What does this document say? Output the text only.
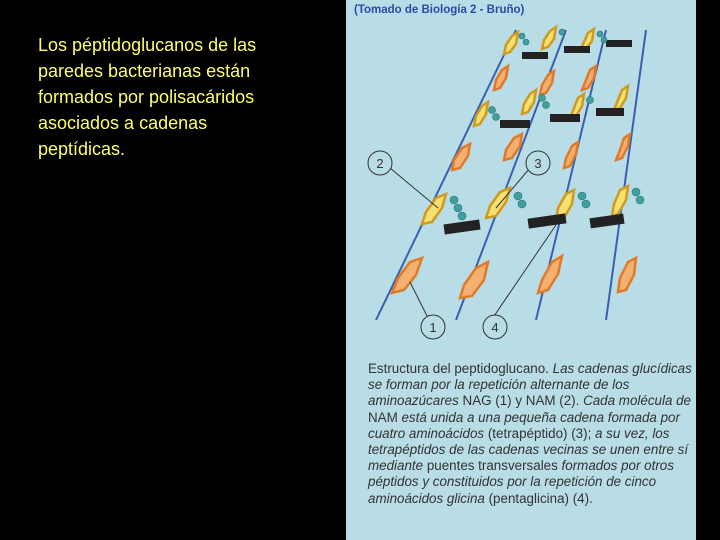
Los péptidoglucanos de las
paredes bacterianas están
formados por polisacáridos
asociados a cadenas
peptídicas.
(Tomado de Biología 2 - Bruño)
2	3
1	4
Estructura del peptidoglucano. Las cadenas glucídicas se forman por la repetición alternante de los aminoazúcares NAG (1) y NAM (2). Cada molécula de NAM está unida a una pequeña cadena formada por cuatro aminoácidos (tetrapéptido) (3); a su vez, los tetrapéptidos de las cadenas vecinas se unen entre sí mediante puentes transversales formados por otros péptidos y constituidos por la repetición de cinco aminoácidos glicina (pentaglicina) (4).
